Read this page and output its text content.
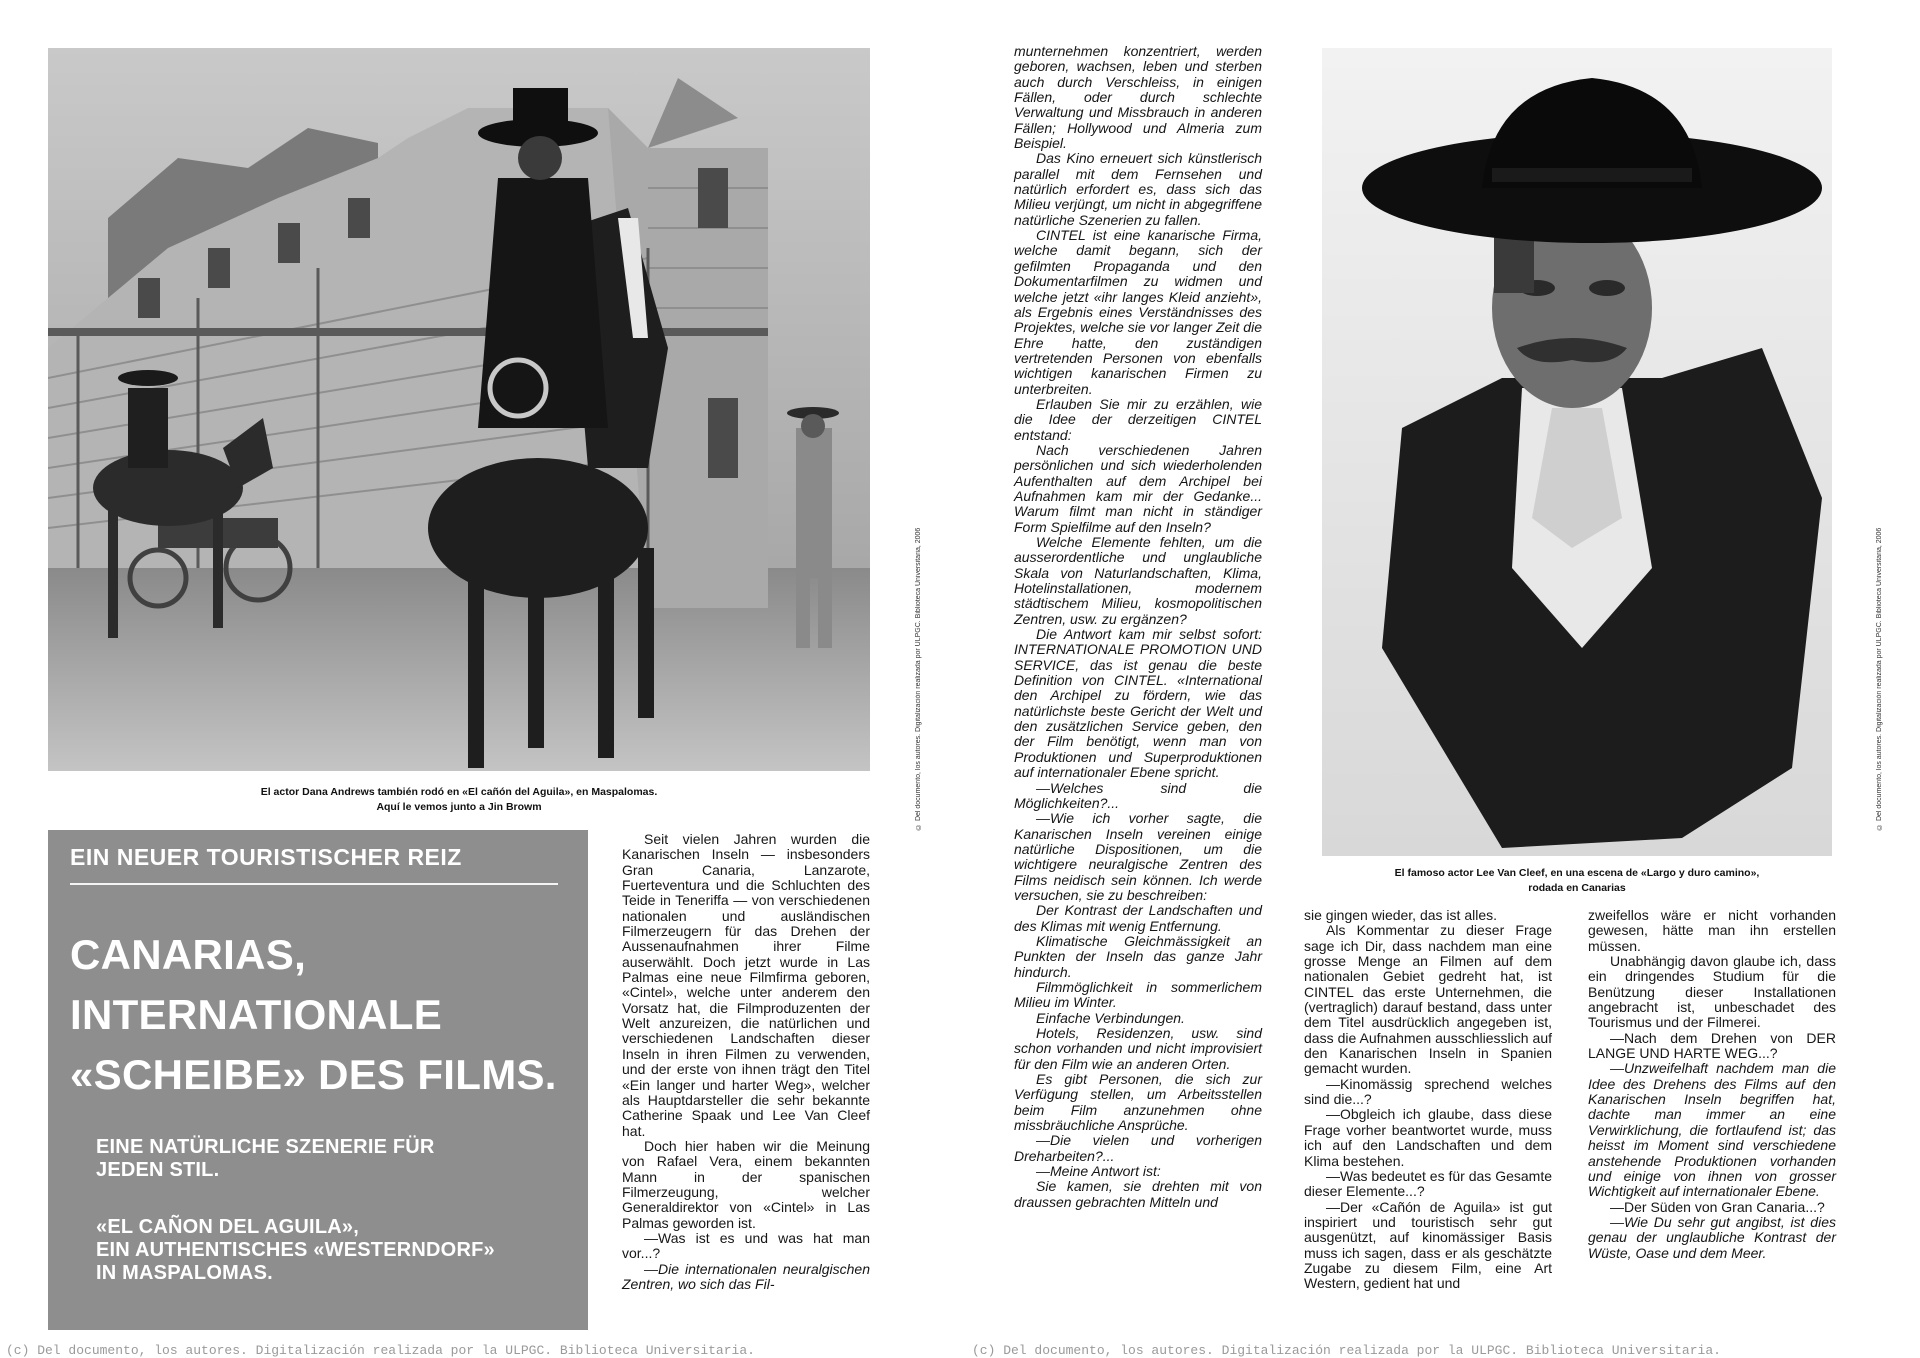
El actor Dana Andrews también rodó en «El cañón del Aguila», en Maspalomas.
Aquí le vemos junto a Jin Browm
EIN NEUER TOURISTISCHER REIZ
CANARIAS,
INTERNATIONALE
«SCHEIBE» DES FILMS.
EINE NATÜRLICHE SZENERIE FÜR
JEDEN STIL.
«EL CAÑON DEL AGUILA»,
EIN AUTHENTISCHES «WESTERNDORF»
IN MASPALOMAS.

Seit vielen Jahren wurden die Kanarischen Inseln — insbesonders Gran Canaria, Lanzarote, Fuerteventura und die Schluchten des Teide in Teneriffa — von verschiedenen nationalen und ausländischen Filmerzeugern für das Drehen der Aussenaufnahmen ihrer Filme auserwählt. Doch jetzt wurde in Las Palmas eine neue Filmfirma geboren, «Cintel», welche unter anderem den Vorsatz hat, die Filmproduzenten der Welt anzureizen, die natürlichen und verschiedenen Landschaften dieser Inseln in ihren Filmen zu verwenden, und der erste von ihnen trägt den Titel «Ein langer und harter Weg», welcher als Hauptdarsteller die sehr bekannte Catherine Spaak und Lee Van Cleef hat.

Doch hier haben wir die Meinung von Rafael Vera, einem bekannten Mann in der spanischen Filmerzeugung, welcher Generaldirektor von «Cintel» in Las Palmas geworden ist.

—Was ist es und was hat man vor...?

—Die internationalen neuralgischen Zentren, wo sich das Fil-

© Del documento, los autores. Digitalización realizada por ULPGC. Biblioteca Universitaria, 2006

munternehmen konzentriert, werden geboren, wachsen, leben und sterben auch durch Verschleiss, in einigen Fällen, oder durch schlechte Verwaltung und Missbrauch in anderen Fällen; Hollywood und Almeria zum Beispiel.

Das Kino erneuert sich künstlerisch parallel mit dem Fernsehen und natürlich erfordert es, dass sich das Milieu verjüngt, um nicht in abgegriffene natürliche Szenerien zu fallen.

CINTEL ist eine kanarische Firma, welche damit begann, sich der gefilmten Propaganda und den Dokumentarfilmen zu widmen und welche jetzt «ihr langes Kleid anzieht», als Ergebnis eines Verständnisses des Projektes, welche sie vor langer Zeit die Ehre hatte, den zuständigen vertretenden Personen von ebenfalls wichtigen kanarischen Firmen zu unterbreiten.

Erlauben Sie mir zu erzählen, wie die Idee der derzeitigen CINTEL entstand:

Nach verschiedenen Jahren persönlichen und sich wiederholenden Aufenthalten auf dem Archipel bei Aufnahmen kam mir der Gedanke... Warum filmt man nicht in ständiger Form Spielfilme auf den Inseln?

Welche Elemente fehlten, um die ausserordentliche und unglaubliche Skala von Naturlandschaften, Klima, Hotelinstallationen, modernem städtischem Milieu, kosmopolitischen Zentren, usw. zu ergänzen?

Die Antwort kam mir selbst sofort: INTERNATIONALE PROMOTION UND SERVICE, das ist genau die beste Definition von CINTEL. «International den Archipel zu fördern, wie das natürlichste beste Gericht der Welt und den zusätzlichen Service geben, den der Film benötigt, wenn man von Produktionen und Superproduktionen auf internationaler Ebene spricht.

—Welches sind die Möglichkeiten?...

—Wie ich vorher sagte, die Kanarischen Inseln vereinen einige natürliche Dispositionen, um die wichtigere neuralgische Zentren des Films neidisch sein können. Ich werde versuchen, sie zu beschreiben:

Der Kontrast der Landschaften und des Klimas mit wenig Entfernung.

Klimatische Gleichmässigkeit an Punkten der Inseln das ganze Jahr hindurch.

Filmmöglichkeit in sommerlichem Milieu im Winter.

Einfache Verbindungen.

Hotels, Residenzen, usw. sind schon vorhanden und nicht improvisiert für den Film wie an anderen Orten.

Es gibt Personen, die sich zur Verfügung stellen, um Arbeitsstellen beim Film anzunehmen ohne missbräuchliche Ansprüche.

—Die vielen und vorherigen Dreharbeiten?...

—Meine Antwort ist:

Sie kamen, sie drehten mit von draussen gebrachten Mitteln und

El famoso actor Lee Van Cleef, en una escena de «Largo y duro camino»,
rodada en Canarias

sie gingen wieder, das ist alles.

Als Kommentar zu dieser Frage sage ich Dir, dass nachdem man eine grosse Menge an Filmen auf dem nationalen Gebiet gedreht hat, ist CINTEL das erste Unternehmen, die (vertraglich) darauf bestand, dass unter dem Titel ausdrücklich angegeben ist, dass die Aufnahmen ausschliesslich auf den Kanarischen Inseln in Spanien gemacht wurden.

—Kinomässig sprechend welches sind die...?

—Obgleich ich glaube, dass diese Frage vorher beantwortet wurde, muss ich auf den Landschaften und dem Klima bestehen.

—Was bedeutet es für das Gesamte dieser Elemente...?

—Der «Cañón de Aguila» ist gut inspiriert und touristisch sehr gut ausgenützt, auf kinomässiger Basis muss ich sagen, dass er als geschätzte Zugabe zu diesem Film, eine Art Western, gedient hat und

zweifellos wäre er nicht vorhanden gewesen, hätte man ihn erstellen müssen.

Unabhängig davon glaube ich, dass ein dringendes Studium für die Benützung dieser Installationen angebracht ist, unbeschadet des Tourismus und der Filmerei.

—Nach dem Drehen von DER LANGE UND HARTE WEG...?

—Unzweifelhaft nachdem man die Idee des Drehens des Films auf den Kanarischen Inseln begriffen hat, dachte man immer an eine Verwirklichung, die fortlaufend ist; das heisst im Moment sind verschiedene anstehende Produktionen vorhanden und einige von ihnen von grosser Wichtigkeit auf internationaler Ebene.

—Der Süden von Gran Canaria...?

—Wie Du sehr gut angibst, ist dies genau der unglaubliche Kontrast der Wüste, Oase und dem Meer.

© Del documento, los autores. Digitalización realizada por ULPGC. Biblioteca Universitaria, 2006
(c) Del documento, los autores. Digitalización realizada por la ULPGC. Biblioteca Universitaria.	(c) Del documento, los autores. Digitalización realizada por la ULPGC. Biblioteca Universitaria.
